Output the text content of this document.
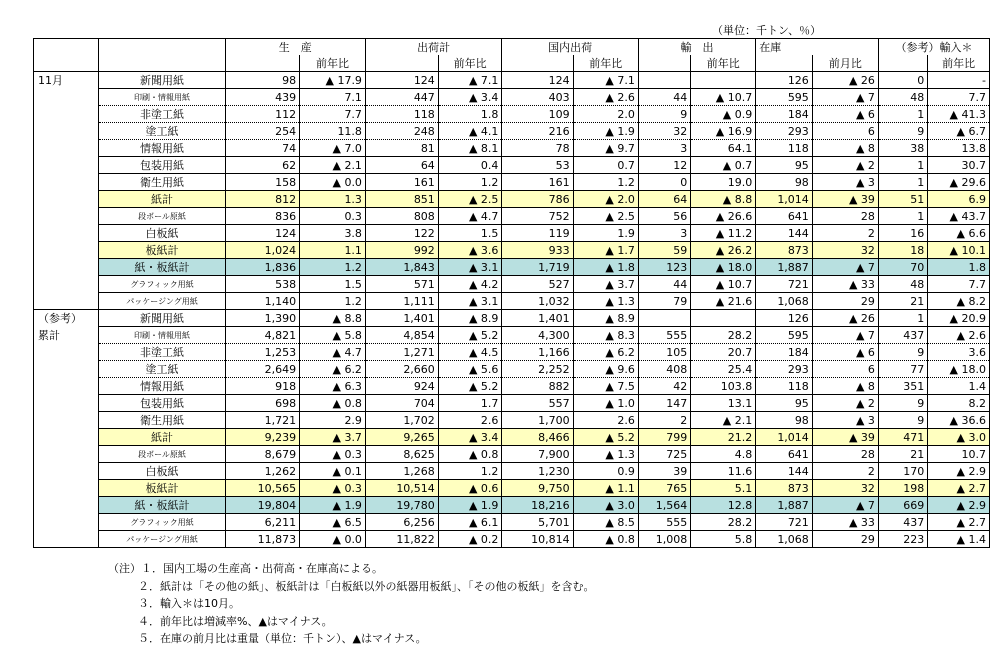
（単位：千トン、％）
		生　産		出荷計		国内出荷		輸　出		在庫		（参考）輸入＊	
			前年比		前年比		前年比		前年比		前月比		前年比
11月	新聞用紙	98	▲ 17.9	124	▲ 7.1	124	▲ 7.1			126	▲ 26	0	-
	印刷・情報用紙	439	7.1	447	▲ 3.4	403	▲ 2.6	44	▲ 10.7	595	▲ 7	48	7.7
	非塗工紙	112	7.7	118	1.8	109	2.0	9	▲ 0.9	184	▲ 6	1	▲ 41.3
	塗工紙	254	11.8	248	▲ 4.1	216	▲ 1.9	32	▲ 16.9	293	6	9	▲ 6.7
	情報用紙	74	▲ 7.0	81	▲ 8.1	78	▲ 9.7	3	64.1	118	▲ 8	38	13.8
	包装用紙	62	▲ 2.1	64	0.4	53	0.7	12	▲ 0.7	95	▲ 2	1	30.7
	衛生用紙	158	▲ 0.0	161	1.2	161	1.2	0	19.0	98	▲ 3	1	▲ 29.6
	紙計	812	1.3	851	▲ 2.5	786	▲ 2.0	64	▲ 8.8	1,014	▲ 39	51	6.9
	段ボール原紙	836	0.3	808	▲ 4.7	752	▲ 2.5	56	▲ 26.6	641	28	1	▲ 43.7
	白板紙	124	3.8	122	1.5	119	1.9	3	▲ 11.2	144	2	16	▲ 6.6
	板紙計	1,024	1.1	992	▲ 3.6	933	▲ 1.7	59	▲ 26.2	873	32	18	▲ 10.1
	紙・板紙計	1,836	1.2	1,843	▲ 3.1	1,719	▲ 1.8	123	▲ 18.0	1,887	▲ 7	70	1.8
	グラフィック用紙	538	1.5	571	▲ 4.2	527	▲ 3.7	44	▲ 10.7	721	▲ 33	48	7.7
	パッケージング用紙	1,140	1.2	1,111	▲ 3.1	1,032	▲ 1.3	79	▲ 21.6	1,068	29	21	▲ 8.2
（参考）	新聞用紙	1,390	▲ 8.8	1,401	▲ 8.9	1,401	▲ 8.9			126	▲ 26	1	▲ 20.9
累計	印刷・情報用紙	4,821	▲ 5.8	4,854	▲ 5.2	4,300	▲ 8.3	555	28.2	595	▲ 7	437	▲ 2.6
	非塗工紙	1,253	▲ 4.7	1,271	▲ 4.5	1,166	▲ 6.2	105	20.7	184	▲ 6	9	3.6
	塗工紙	2,649	▲ 6.2	2,660	▲ 5.6	2,252	▲ 9.6	408	25.4	293	6	77	▲ 18.0
	情報用紙	918	▲ 6.3	924	▲ 5.2	882	▲ 7.5	42	103.8	118	▲ 8	351	1.4
	包装用紙	698	▲ 0.8	704	1.7	557	▲ 1.0	147	13.1	95	▲ 2	9	8.2
	衛生用紙	1,721	2.9	1,702	2.6	1,700	2.6	2	▲ 2.1	98	▲ 3	9	▲ 36.6
	紙計	9,239	▲ 3.7	9,265	▲ 3.4	8,466	▲ 5.2	799	21.2	1,014	▲ 39	471	▲ 3.0
	段ボール原紙	8,679	▲ 0.3	8,625	▲ 0.8	7,900	▲ 1.3	725	4.8	641	28	21	10.7
	白板紙	1,262	▲ 0.1	1,268	1.2	1,230	0.9	39	11.6	144	2	170	▲ 2.9
	板紙計	10,565	▲ 0.3	10,514	▲ 0.6	9,750	▲ 1.1	765	5.1	873	32	198	▲ 2.7
	紙・板紙計	19,804	▲ 1.9	19,780	▲ 1.9	18,216	▲ 3.0	1,564	12.8	1,887	▲ 7	669	▲ 2.9
	グラフィック用紙	6,211	▲ 6.5	6,256	▲ 6.1	5,701	▲ 8.5	555	28.2	721	▲ 33	437	▲ 2.7
	パッケージング用紙	11,873	▲ 0.0	11,822	▲ 0.2	10,814	▲ 0.8	1,008	5.8	1,068	29	223	▲ 1.4
（注）１．国内工場の生産高・出荷高・在庫高による。
２．紙計は「その他の紙」、板紙計は「白板紙以外の紙器用板紙」、「その他の板紙」を含む。
３．輸入＊は10月。
４．前年比は増減率%、▲はマイナス。
５．在庫の前月比は重量（単位：千トン）、▲はマイナス。
